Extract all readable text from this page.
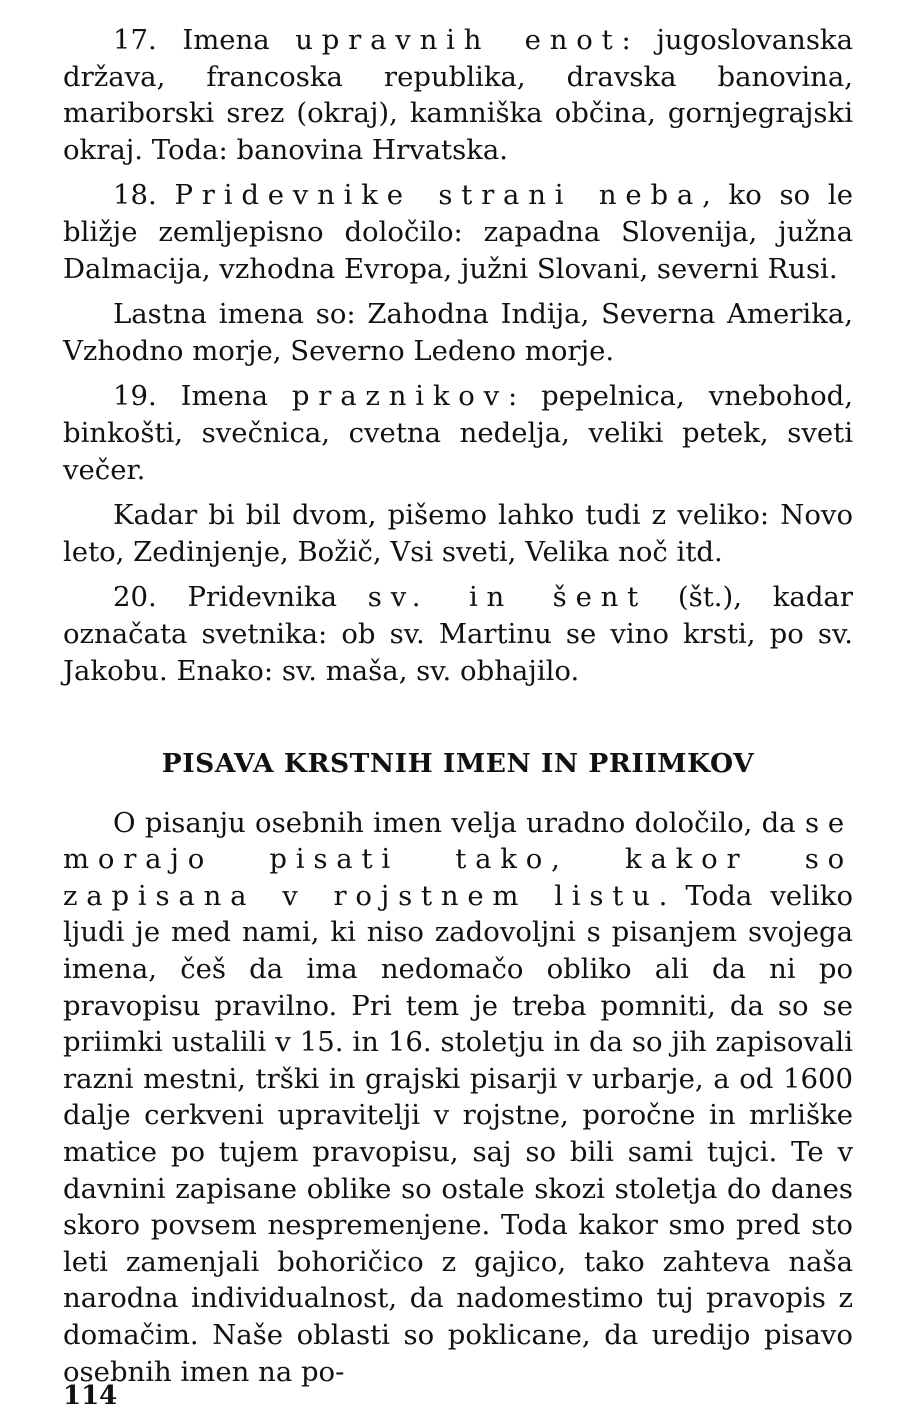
17. Imena upravnih enot: jugoslovanska država, francoska republika, dravska banovina, mariborski srez (okraj), kamniška občina, gornjegrajski okraj. Toda: banovina Hrvatska.

18. Pridevnike strani neba, ko so le bližje zemljepisno določilo: zapadna Slovenija, južna Dalmacija, vzhodna Evropa, južni Slovani, severni Rusi.

Lastna imena so: Zahodna Indija, Severna Amerika, Vzhodno morje, Severno Ledeno morje.

19. Imena praznikov: pepelnica, vnebohod, binkošti, svečnica, cvetna nedelja, veliki petek, sveti večer.

Kadar bi bil dvom, pišemo lahko tudi z veliko: Novo leto, Zedinjenje, Božič, Vsi sveti, Velika noč itd.

20. Pridevnika sv. in šent (št.), kadar označata svetnika: ob sv. Martinu se vino krsti, po sv. Jakobu. Enako: sv. maša, sv. obhajilo.

PISAVA KRSTNIH IMEN IN PRIIMKOV

O pisanju osebnih imen velja uradno določilo, da se morajo pisati tako, kakor so zapisana v rojstnem listu. Toda veliko ljudi je med nami, ki niso zadovoljni s pisanjem svojega imena, češ da ima nedomačo obliko ali da ni po pravopisu pravilno. Pri tem je treba pomniti, da so se priimki ustalili v 15. in 16. stoletju in da so jih zapisovali razni mestni, trški in grajski pisarji v urbarje, a od 1600 dalje cerkveni upravitelji v rojstne, poročne in mrliške matice po tujem pravopisu, saj so bili sami tujci. Te v davnini zapisane oblike so ostale skozi stoletja do danes skoro povsem nespremenjene. Toda kakor smo pred sto leti zamenjali bohoričico z gajico, tako zahteva naša narodna individualnost, da nadomestimo tuj pravopis z domačim. Naše oblasti so poklicane, da uredijo pisavo osebnih imen na po-

114
